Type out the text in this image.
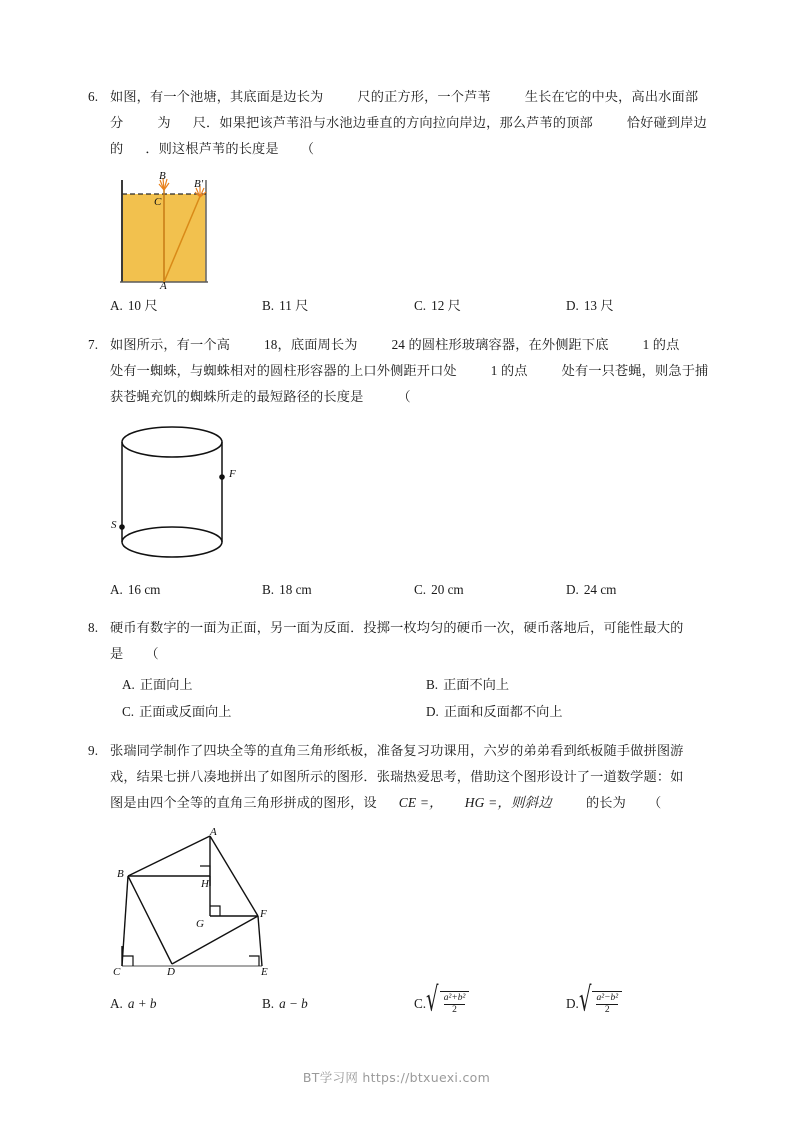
6. 如图，有一个池塘，其底面是边长为	尺的正方形，一个芦苇	生长在它的中央，高出水面部
分	为 尺．如果把该芦苇沿与水池边垂直的方向拉向岸边，那么芦苇的顶部	恰好碰到岸边
的 ．则这根芦苇的长度是 （
B
B'
C
A
A. 10 尺	B. 11 尺	C. 12 尺	D. 13 尺
7. 如图所示，有一个高	18，底面周长为	24 的圆柱形玻璃容器，在外侧距下底	1 的点
处有一蜘蛛，与蜘蛛相对的圆柱形容器的上口外侧距开口处	1 的点	处有一只苍蝇，则急于捕
获苍蝇充饥的蜘蛛所走的最短路径的长度是	（
F
S
A. 16 cm	B. 18 cm	C. 20 cm	D. 24 cm
8. 硬币有数字的一面为正面，另一面为反面．投掷一枚均匀的硬币一次，硬币落地后，可能性最大的
是 （
A. 正面向上	B. 正面不向上
C. 正面或反面向上	D. 正面和反面都不向上
9. 张瑞同学制作了四块全等的直角三角形纸板，准备复习功课用，六岁的弟弟看到纸板随手做拼图游
戏，结果七拼八凑地拼出了如图所示的图形．张瑞热爱思考，借助这个图形设计了一道数学题：如
图是由四个全等的直角三角形拼成的图形，设 CE =， HG =，则斜边	的长为 （
A
B
C	D	E
F
G
H
A. a + b	B. a − b	C. √ $\frac{\text{a²+b²}}{2}$	D. √ $\frac{\text{a²−b²}}{2}$
BT学习网 https://btxuexi.com
